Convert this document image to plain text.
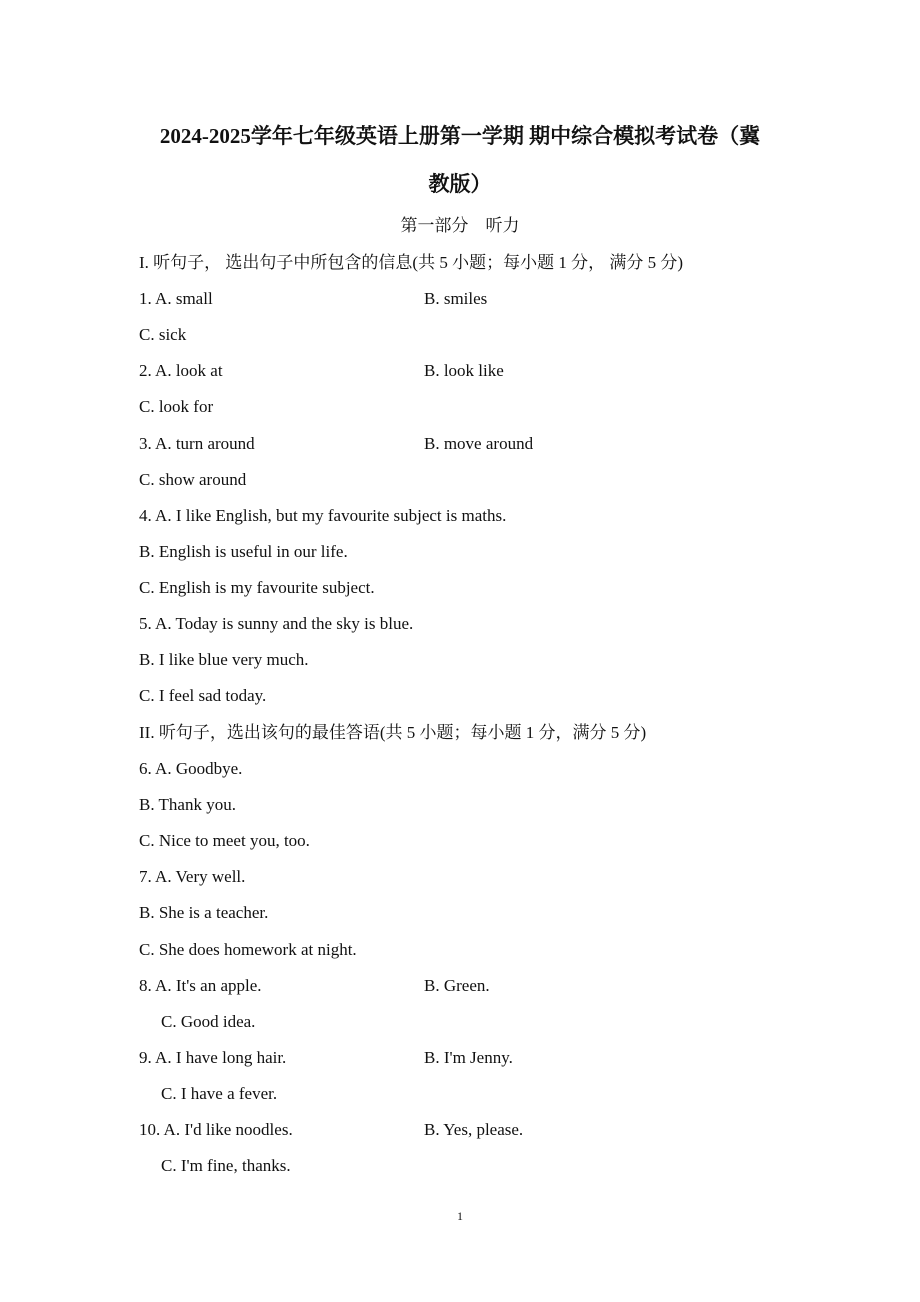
2024-2025学年七年级英语上册第一学期 期中综合模拟考试卷（冀
教版）
第一部分　听力
I. 听句子， 选出句子中所包含的信息(共 5 小题；每小题 1 分， 满分 5 分)
1. A. small	B. smiles
C. sick
2. A. look at	B. look like
C. look for
3. A. turn around	B. move around
C. show around
4. A. I like English, but my favourite subject is maths.
B. English is useful in our life.
C. English is my favourite subject.
5. A. Today is sunny and the sky is blue.
B. I like blue very much.
C. I feel sad today.
II. 听句子，选出该句的最佳答语(共 5 小题；每小题 1 分，满分 5 分)
6. A. Goodbye.
B. Thank you.
C. Nice to meet you, too.
7. A. Very well.
B. She is a teacher.
C. She does homework at night.
8. A. It's an apple.	B. Green.
C. Good idea.
9. A. I have long hair.	B. I'm Jenny.
C. I have a fever.
10. A. I'd like noodles.	B. Yes, please.
C. I'm fine, thanks.
1
